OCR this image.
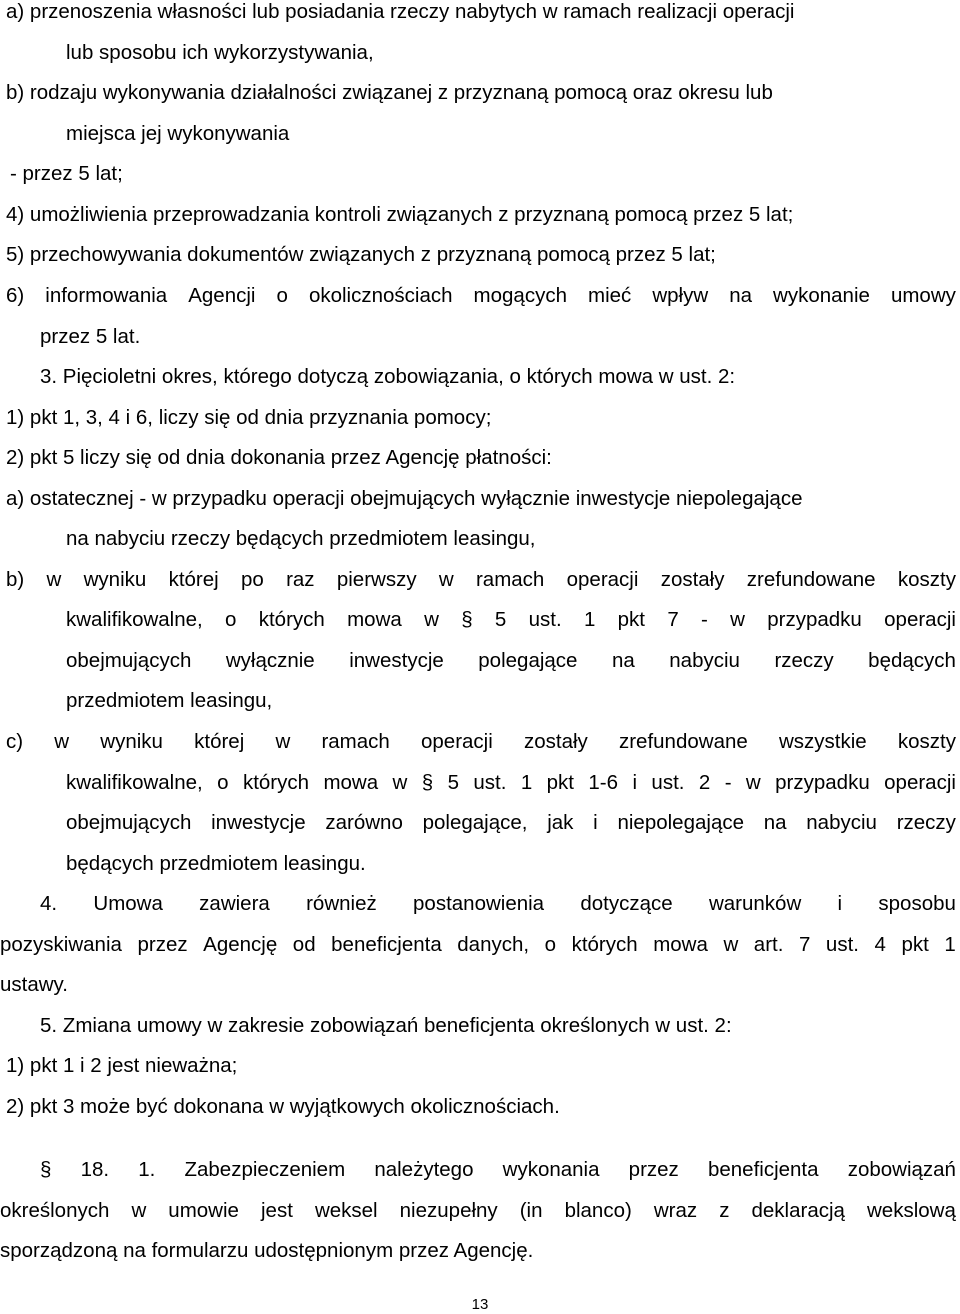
a) przenoszenia własności lub posiadania rzeczy nabytych w ramach realizacji operacji
lub sposobu ich wykorzystywania,
b) rodzaju wykonywania działalności związanej z przyznaną pomocą oraz okresu lub
miejsca jej wykonywania
- przez 5 lat;
4) umożliwienia przeprowadzania kontroli związanych z przyznaną pomocą przez 5 lat;
5) przechowywania dokumentów związanych z przyznaną pomocą przez 5 lat;
6) informowania Agencji o okolicznościach mogących mieć wpływ na wykonanie umowy
przez 5 lat.
3. Pięcioletni okres, którego dotyczą zobowiązania, o których mowa w ust. 2:
1) pkt 1, 3, 4 i 6, liczy się od dnia przyznania pomocy;
2) pkt 5 liczy się od dnia dokonania przez Agencję płatności:
a) ostatecznej - w przypadku operacji obejmujących wyłącznie inwestycje niepolegające
na nabyciu rzeczy będących przedmiotem leasingu,
b) w wyniku której po raz pierwszy w ramach operacji zostały zrefundowane koszty
kwalifikowalne, o których mowa w § 5 ust. 1 pkt 7 - w przypadku operacji
obejmujących wyłącznie inwestycje polegające na nabyciu rzeczy będących
przedmiotem leasingu,
c) w wyniku której w ramach operacji zostały zrefundowane wszystkie koszty
kwalifikowalne, o których mowa w § 5 ust. 1 pkt 1-6 i ust. 2 - w przypadku operacji
obejmujących inwestycje zarówno polegające, jak i niepolegające na nabyciu rzeczy
będących przedmiotem leasingu.
4. Umowa zawiera również postanowienia dotyczące warunków i sposobu
pozyskiwania przez Agencję od beneficjenta danych, o których mowa w art. 7 ust. 4 pkt 1
ustawy.
5. Zmiana umowy w zakresie zobowiązań beneficjenta określonych w ust. 2:
1) pkt 1 i 2 jest nieważna;
2) pkt 3 może być dokonana w wyjątkowych okolicznościach.
§ 18. 1. Zabezpieczeniem należytego wykonania przez beneficjenta zobowiązań
określonych w umowie jest weksel niezupełny (in blanco) wraz z deklaracją wekslową
sporządzoną na formularzu udostępnionym przez Agencję.
13
